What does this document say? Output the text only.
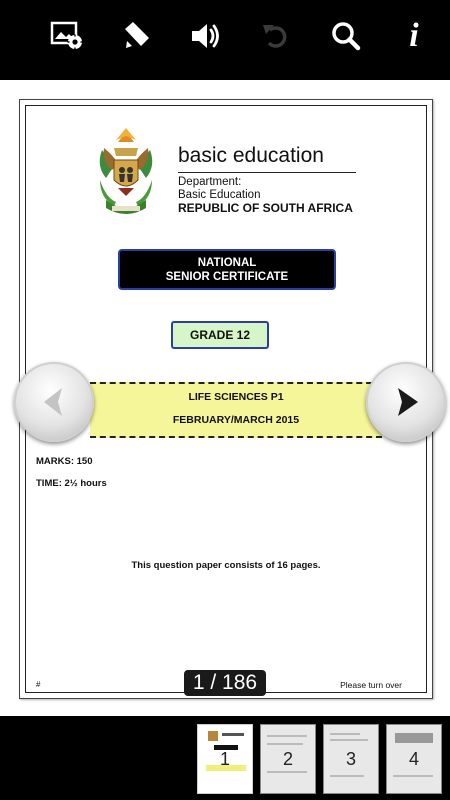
i
basic education
Department:
Basic Education
REPUBLIC OF SOUTH AFRICA
NATIONAL
SENIOR CERTIFICATE
GRADE 12
LIFE SCIENCES P1
FEBRUARY/MARCH 2015
MARKS: 150
TIME: 2½ hours
This question paper consists of 16 pages.
#	Please turn over
1 / 186
1	2	3	4
